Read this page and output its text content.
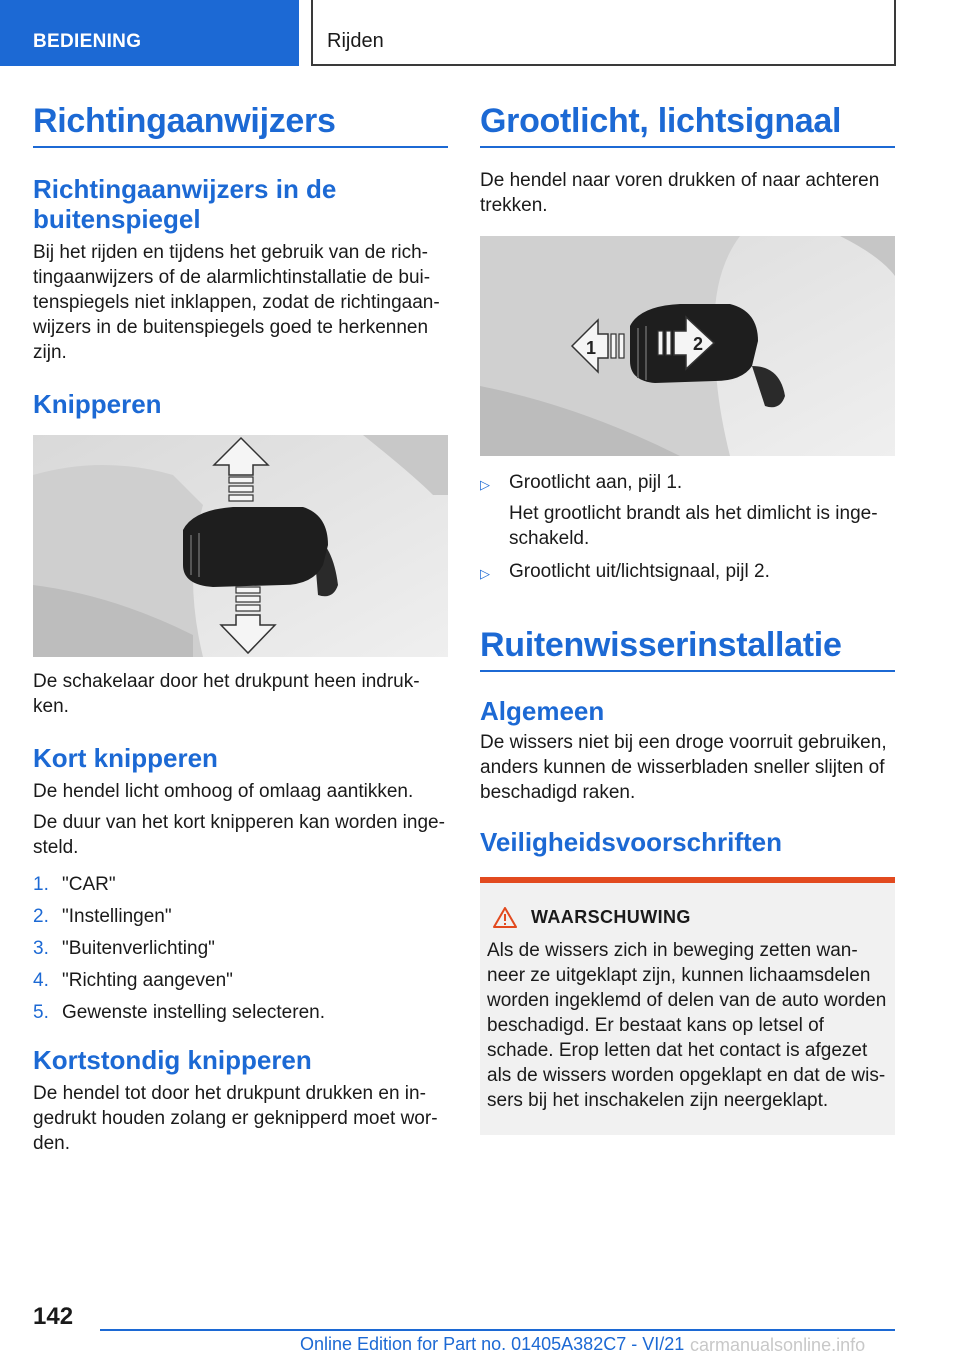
BEDIENING	Rijden
Richtingaanwijzers
Richtingaanwijzers in de buitenspiegel
Bij het rijden en tijdens het gebruik van de rich-tingaanwijzers of de alarmlichtinstallatie de bui-tenspiegels niet inklappen, zodat de richtingaan-wijzers in de buitenspiegels goed te herkennen zijn.
Knipperen
De schakelaar door het drukpunt heen indruk-ken.
Kort knipperen
De hendel licht omhoog of omlaag aantikken.
De duur van het kort knipperen kan worden inge-steld.
1. "CAR"
2. "Instellingen"
3. "Buitenverlichting"
4. "Richting aangeven"
5. Gewenste instelling selecteren.
Kortstondig knipperen
De hendel tot door het drukpunt drukken en in-gedrukt houden zolang er geknipperd moet wor-den.
Grootlicht, lichtsignaal
De hendel naar voren drukken of naar achteren trekken.
1	2
▷	Grootlicht aan, pijl 1.
Het grootlicht brandt als het dimlicht is inge-schakeld.
▷	Grootlicht uit/lichtsignaal, pijl 2.
Ruitenwisserinstallatie
Algemeen
De wissers niet bij een droge voorruit gebruiken, anders kunnen de wisserbladen sneller slijten of beschadigd raken.
Veiligheidsvoorschriften
WAARSCHUWING
Als de wissers zich in beweging zetten wan-neer ze uitgeklapt zijn, kunnen lichaamsdelen worden ingeklemd of delen van de auto worden beschadigd. Er bestaat kans op letsel of schade. Erop letten dat het contact is afgezet als de wissers worden opgeklapt en dat de wis-sers bij het inschakelen zijn neergeklapt.
142
Online Edition for Part no. 01405A382C7 - VI/21 carmanualsonline.info
